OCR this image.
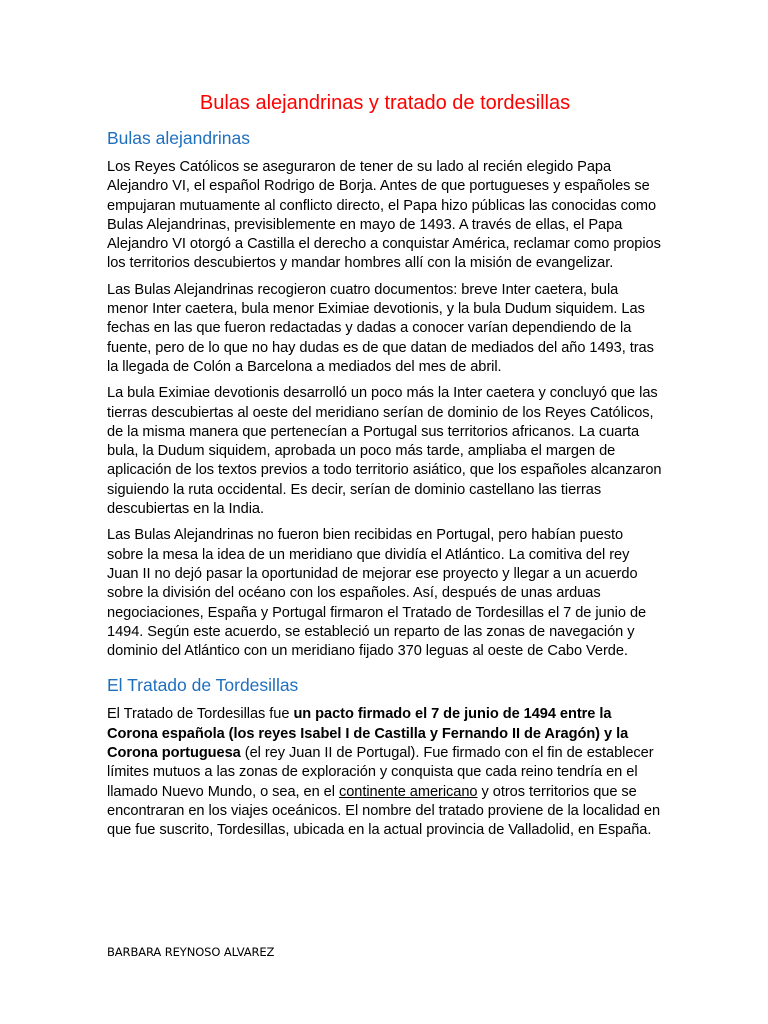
Bulas alejandrinas y tratado de tordesillas
Bulas alejandrinas

Los Reyes Católicos se aseguraron de tener de su lado al recién elegido Papa Alejandro VI, el español Rodrigo de Borja. Antes de que portugueses y españoles se empujaran mutuamente al conflicto directo, el Papa hizo públicas las conocidas como Bulas Alejandrinas, previsiblemente en mayo de 1493. A través de ellas, el Papa Alejandro VI otorgó a Castilla el derecho a conquistar América, reclamar como propios los territorios descubiertos y mandar hombres allí con la misión de evangelizar.

Las Bulas Alejandrinas recogieron cuatro documentos: breve Inter caetera, bula menor Inter caetera, bula menor Eximiae devotionis, y la bula Dudum siquidem. Las fechas en las que fueron redactadas y dadas a conocer varían dependiendo de la fuente, pero de lo que no hay dudas es de que datan de mediados del año 1493, tras la llegada de Colón a Barcelona a mediados del mes de abril.

La bula Eximiae devotionis desarrolló un poco más la Inter caetera y concluyó que las tierras descubiertas al oeste del meridiano serían de dominio de los Reyes Católicos, de la misma manera que pertenecían a Portugal sus territorios africanos. La cuarta bula, la Dudum siquidem, aprobada un poco más tarde, ampliaba el margen de aplicación de los textos previos a todo territorio asiático, que los españoles alcanzaron siguiendo la ruta occidental. Es decir, serían de dominio castellano las tierras descubiertas en la India.

Las Bulas Alejandrinas no fueron bien recibidas en Portugal, pero habían puesto sobre la mesa la idea de un meridiano que dividía el Atlántico. La comitiva del rey Juan II no dejó pasar la oportunidad de mejorar ese proyecto y llegar a un acuerdo sobre la división del océano con los españoles. Así, después de unas arduas negociaciones, España y Portugal firmaron el Tratado de Tordesillas el 7 de junio de 1494. Según este acuerdo, se estableció un reparto de las zonas de navegación y dominio del Atlántico con un meridiano fijado 370 leguas al oeste de Cabo Verde.

El Tratado de Tordesillas

El Tratado de Tordesillas fue un pacto firmado el 7 de junio de 1494 entre la Corona española (los reyes Isabel I de Castilla y Fernando II de Aragón) y la Corona portuguesa (el rey Juan II de Portugal). Fue firmado con el fin de establecer límites mutuos a las zonas de exploración y conquista que cada reino tendría en el llamado Nuevo Mundo, o sea, en el continente americano y otros territorios que se encontraran en los viajes oceánicos. El nombre del tratado proviene de la localidad en que fue suscrito, Tordesillas, ubicada en la actual provincia de Valladolid, en España.

BARBARA REYNOSO ALVAREZ
